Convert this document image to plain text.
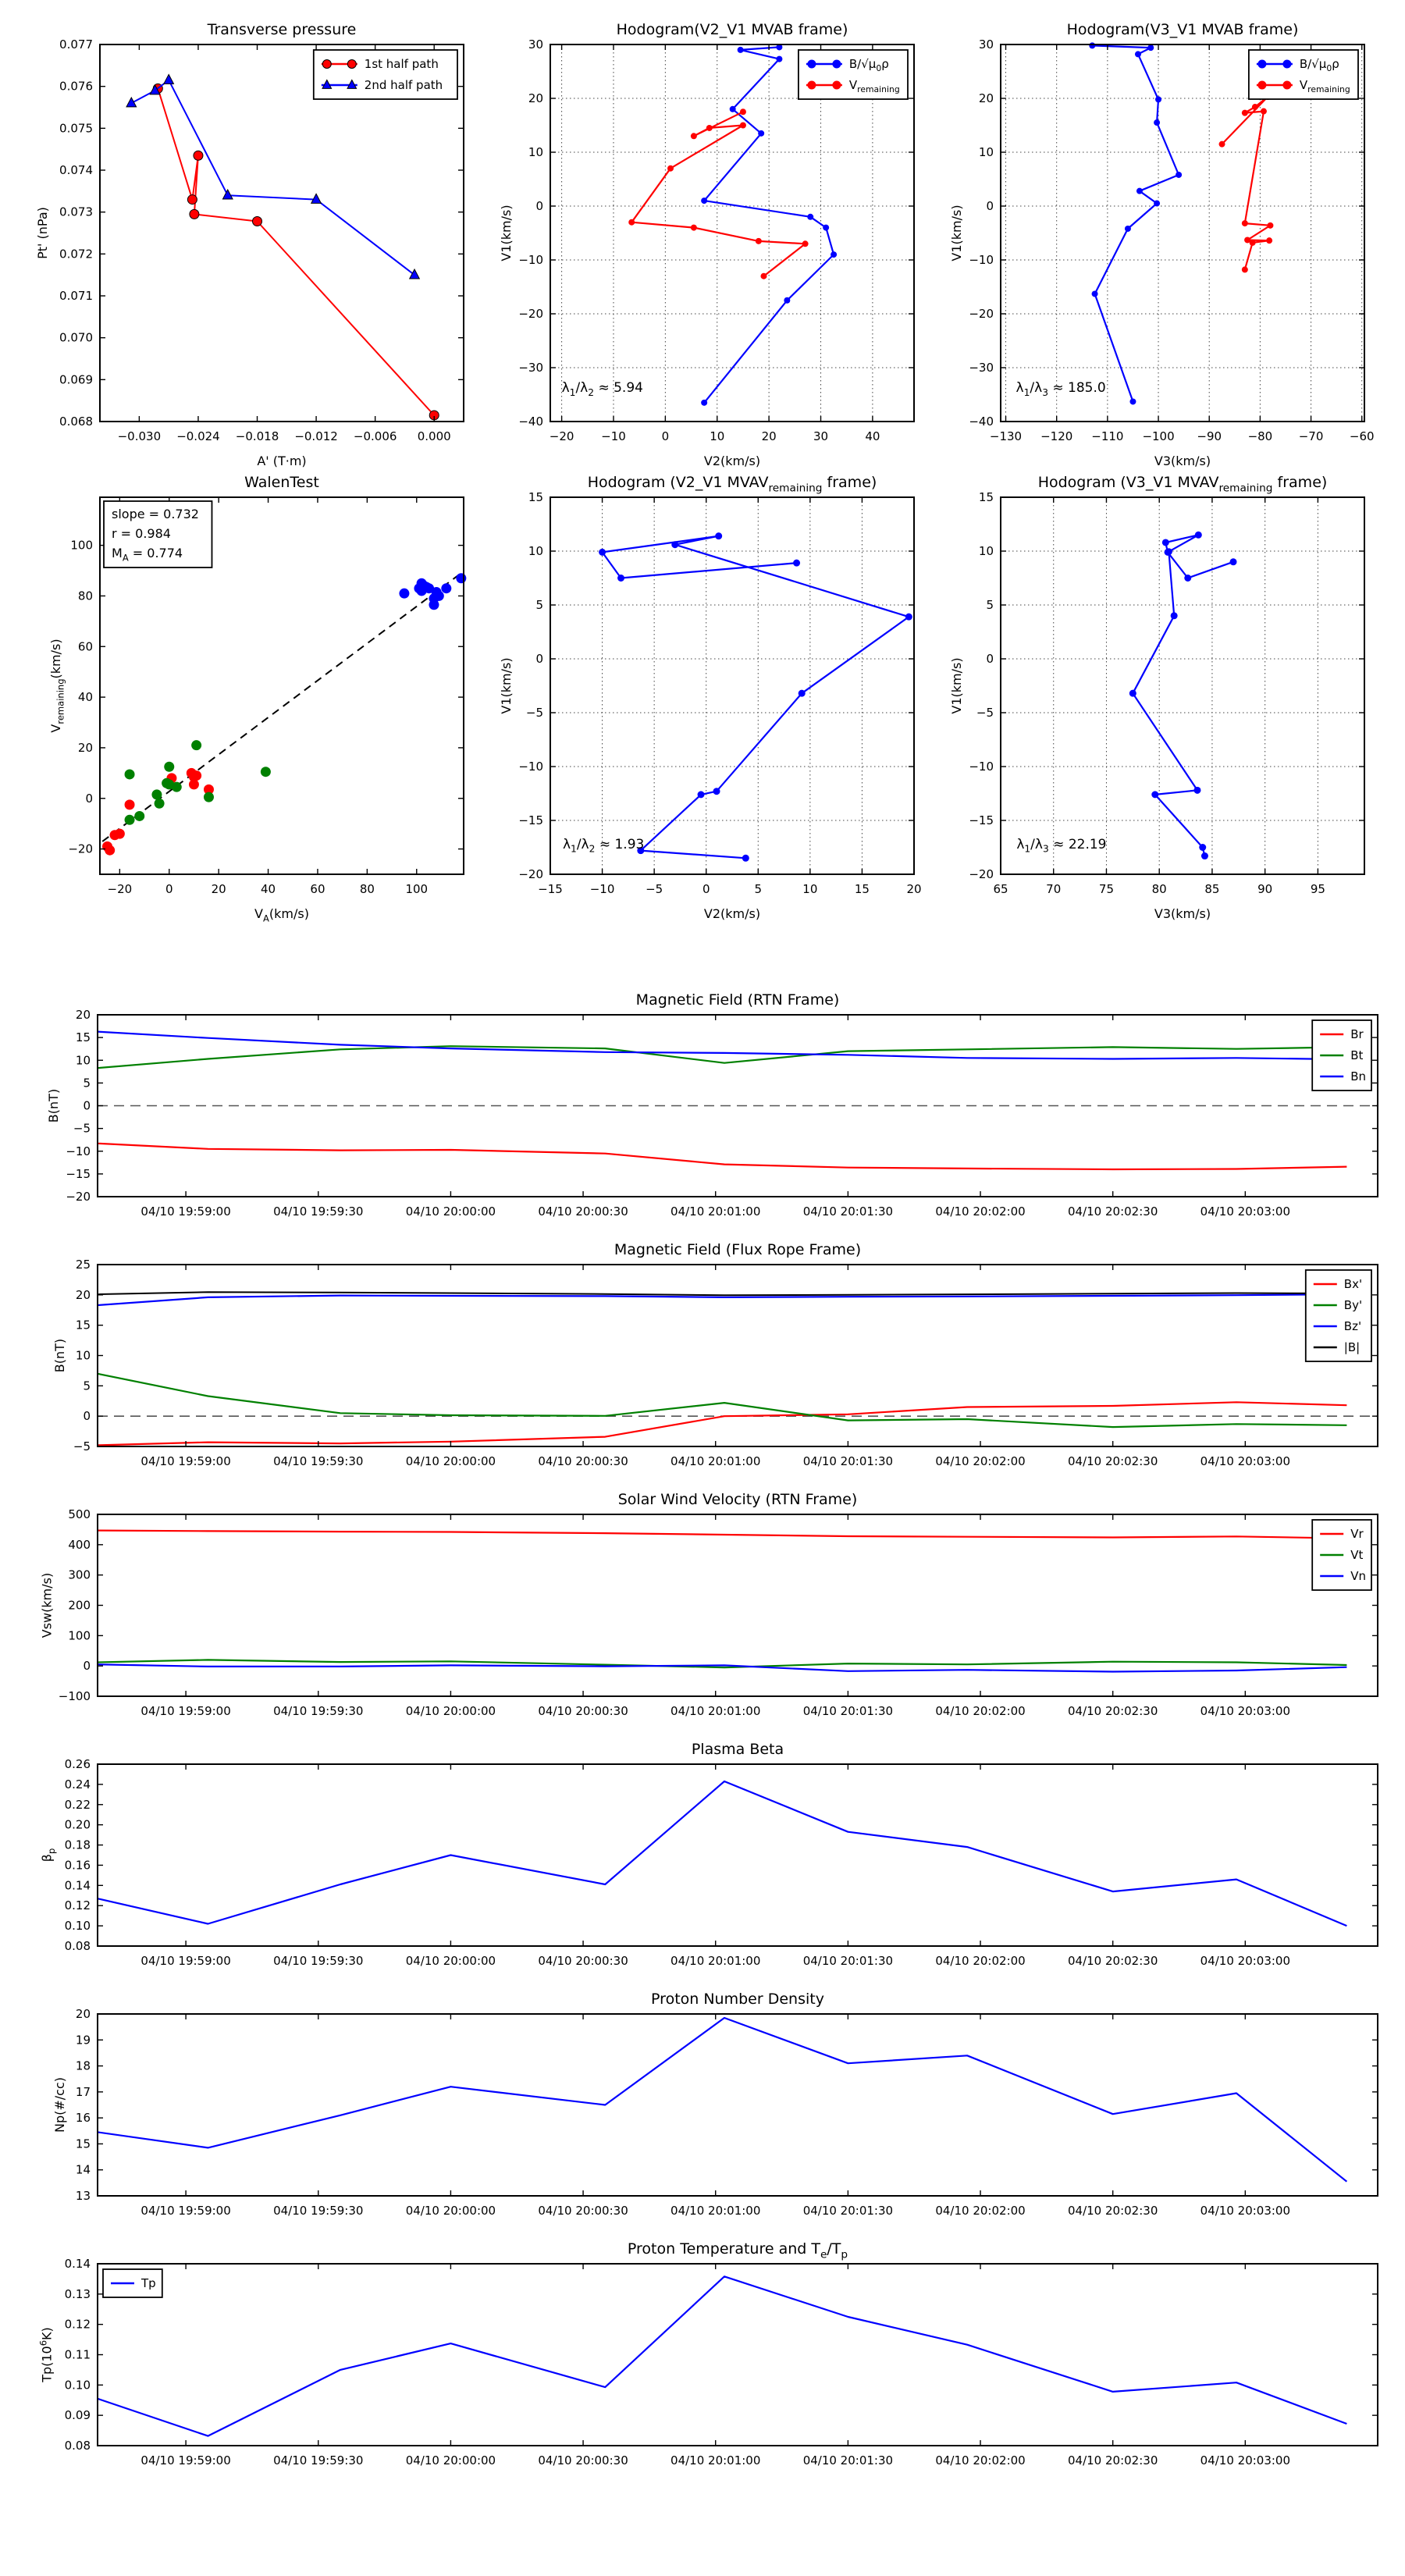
−0.030 −0.024 −0.018 −0.012 −0.006 0.000
0.068
0.069
0.070
0.071
0.072
0.073
0.074
0.075
0.076
0.077
Transverse pressure
A' (T·m)
Pt' (nPa)
1st half path
2nd half path
−20 −10	0	10	20	30	40
−40
−30
−20
−10
0
10
20
30
Hodogram(V2_V1 MVAB frame)
V2(km/s)
V1(km/s)
$\lambda_1/\lambda_2 \approx 5.94$
$B/√\mu_0\rho$
$V_{remaining}$
−130 −120 −110 −100 −90 −80 −70 −60
−40
−30
−20
−10
0
10
20
30
Hodogram(V3_V1 MVAB frame)
V3(km/s)
V1(km/s)
$\lambda_1/\lambda_3 \approx 185.0$
$B/√\mu_0\rho$
$V_{remaining}$
−20	0	20	40	60	80	100
−20
0
20
40
60
80
100
WalenTest
$V_A(km/s)$
$V_{remaining}(km/s)$
slope = 0.732
r = 0.984
$M_A = 0.774$
−15 −10	−5	0	5	10	15	20
−20
−15
−10
−5
0
5
10
15
Hodogram (V2_V1 $MVAV_{remaining}$ frame)
V2(km/s)
V1(km/s)
$\lambda_1/\lambda_2 \approx 1.93$
65	70	75	80	85	90	95
−20
−15
−10
−5
0
5
10
15
Hodogram (V3_V1 $MVAV_{remaining}$ frame)
V3(km/s)
V1(km/s)
$\lambda_1/\lambda_3 \approx 22.19$
04/10 19:59:00	04/10 19:59:30	04/10 20:00:00	04/10 20:00:30	04/10 20:01:00	04/10 20:01:30	04/10 20:02:00	04/10 20:02:30	04/10 20:03:00
−20
−15
−10
−5
0
5
10
15
20
Magnetic Field (RTN Frame)
B(nT)
Br
Bt
Bn
04/10 19:59:00	04/10 19:59:30	04/10 20:00:00	04/10 20:00:30	04/10 20:01:00	04/10 20:01:30	04/10 20:02:00	04/10 20:02:30	04/10 20:03:00
−5
0
5
10
15
20
25
Magnetic Field (Flux Rope Frame)
B(nT)
Bx'
By'
Bz'
|B|
04/10 19:59:00	04/10 19:59:30	04/10 20:00:00	04/10 20:00:30	04/10 20:01:00	04/10 20:01:30	04/10 20:02:00	04/10 20:02:30	04/10 20:03:00
−100
0
100
200
300
400
500
Solar Wind Velocity (RTN Frame)
Vsw(km/s)
Vr
Vt
Vn
04/10 19:59:00	04/10 19:59:30	04/10 20:00:00	04/10 20:00:30	04/10 20:01:00	04/10 20:01:30	04/10 20:02:00	04/10 20:02:30	04/10 20:03:00
0.08
0.10
0.12
0.14
0.16
0.18
0.20
0.22
0.24
0.26
Plasma Beta
$\beta_p$
04/10 19:59:00	04/10 19:59:30	04/10 20:00:00	04/10 20:00:30	04/10 20:01:00	04/10 20:01:30	04/10 20:02:00	04/10 20:02:30	04/10 20:03:00
13
14
15
16
17
18
19
20
Proton Number Density
Np(#/cc)
04/10 19:59:00	04/10 19:59:30	04/10 20:00:00	04/10 20:00:30	04/10 20:01:00	04/10 20:01:30	04/10 20:02:00	04/10 20:02:30	04/10 20:03:00
0.08
0.09
0.10
0.11
0.12
0.13
0.14
Proton Temperature and $T_e/T_p$
$Tp(10^6K)$
Tp
